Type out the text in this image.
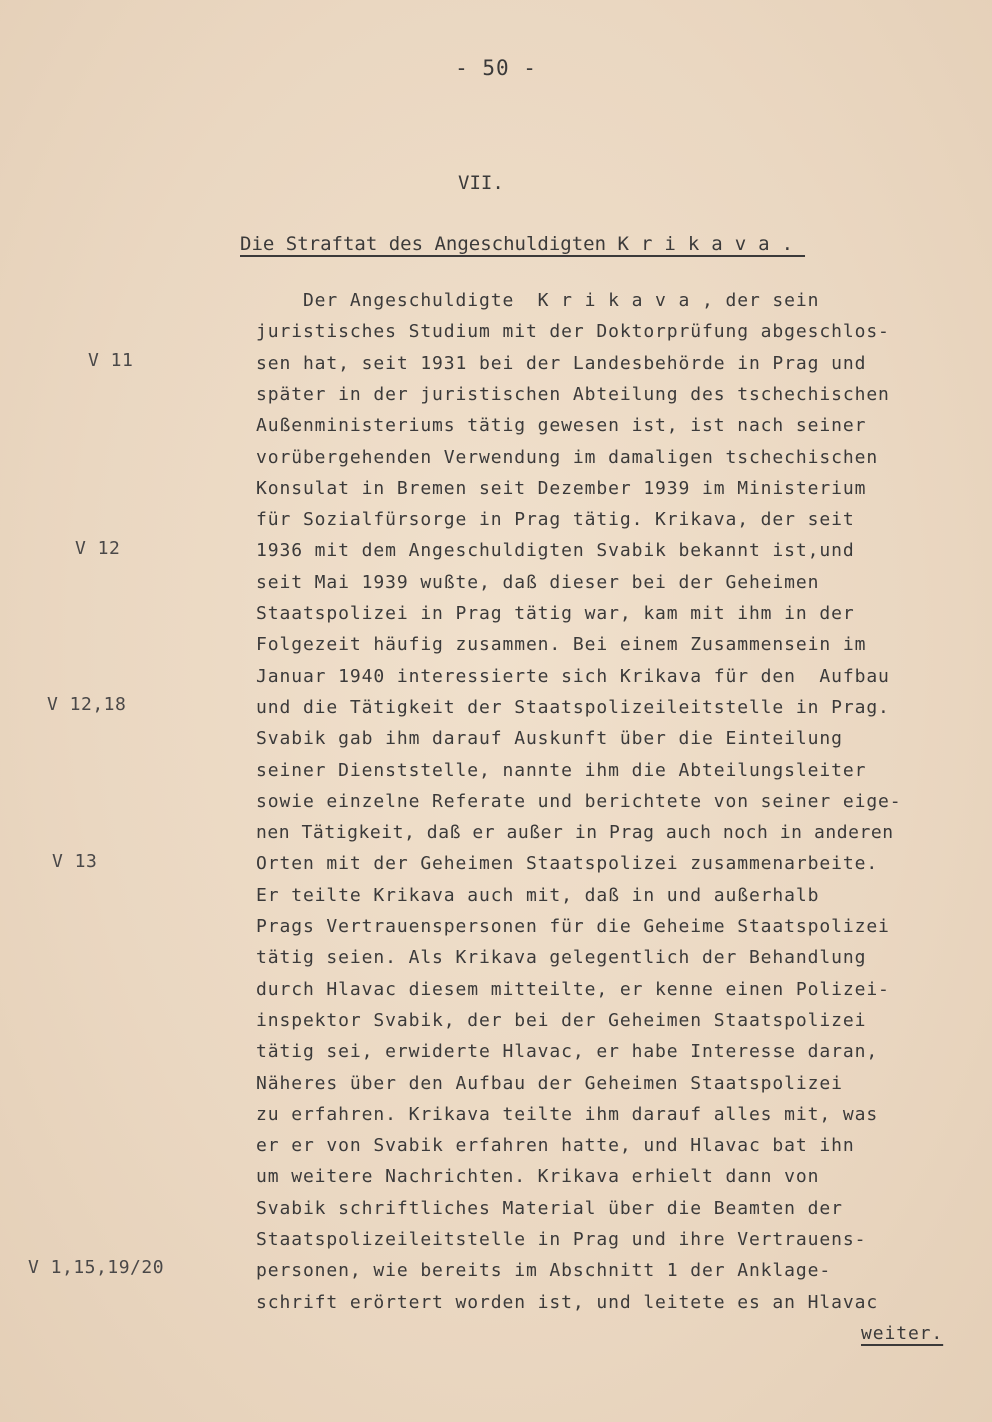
- 50 -
VII.
Die Straftat des Angeschuldigten Krikava.
V 11
V 12
V 12,18
V 13
V 1,15,19/20
Der Angeschuldigte  K r i k a v a , der sein
juristisches Studium mit der Doktorprüfung abgeschlos-
sen hat, seit 1931 bei der Landesbehörde in Prag und
später in der juristischen Abteilung des tschechischen
Außenministeriums tätig gewesen ist, ist nach seiner
vorübergehenden Verwendung im damaligen tschechischen
Konsulat in Bremen seit Dezember 1939 im Ministerium
für Sozialfürsorge in Prag tätig. Krikava, der seit
1936 mit dem Angeschuldigten Svabik bekannt ist,und
seit Mai 1939 wußte, daß dieser bei der Geheimen
Staatspolizei in Prag tätig war, kam mit ihm in der
Folgezeit häufig zusammen. Bei einem Zusammensein im
Januar 1940 interessierte sich Krikava für den  Aufbau
und die Tätigkeit der Staatspolizeileitstelle in Prag.
Svabik gab ihm darauf Auskunft über die Einteilung
seiner Dienststelle, nannte ihm die Abteilungsleiter
sowie einzelne Referate und berichtete von seiner eige-
nen Tätigkeit, daß er außer in Prag auch noch in anderen
Orten mit der Geheimen Staatspolizei zusammenarbeite.
Er teilte Krikava auch mit, daß in und außerhalb
Prags Vertrauenspersonen für die Geheime Staatspolizei
tätig seien. Als Krikava gelegentlich der Behandlung
durch Hlavac diesem mitteilte, er kenne einen Polizei-
inspektor Svabik, der bei der Geheimen Staatspolizei
tätig sei, erwiderte Hlavac, er habe Interesse daran,
Näheres über den Aufbau der Geheimen Staatspolizei
zu erfahren. Krikava teilte ihm darauf alles mit, was
er er von Svabik erfahren hatte, und Hlavac bat ihn
um weitere Nachrichten. Krikava erhielt dann von
Svabik schriftliches Material über die Beamten der
Staatspolizeileitstelle in Prag und ihre Vertrauens-
personen, wie bereits im Abschnitt 1 der Anklage-
schrift erörtert worden ist, und leitete es an Hlavac
weiter.
